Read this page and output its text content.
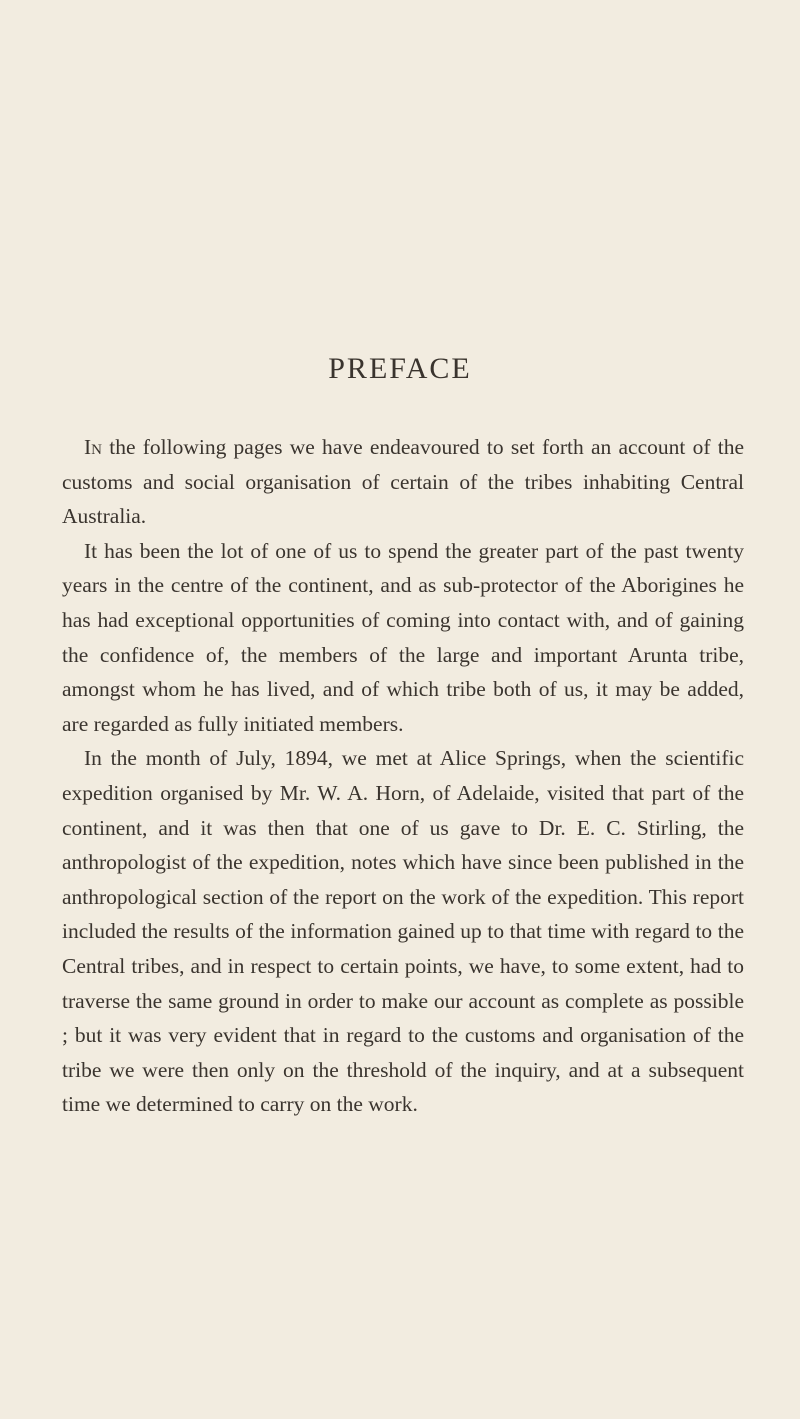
PREFACE

In the following pages we have endeavoured to set forth an account of the customs and social organisation of certain of the tribes inhabiting Central Australia.

It has been the lot of one of us to spend the greater part of the past twenty years in the centre of the continent, and as sub-protector of the Aborigines he has had exceptional opportunities of coming into contact with, and of gaining the confidence of, the members of the large and important Arunta tribe, amongst whom he has lived, and of which tribe both of us, it may be added, are regarded as fully initiated members.

In the month of July, 1894, we met at Alice Springs, when the scientific expedition organised by Mr. W. A. Horn, of Adelaide, visited that part of the continent, and it was then that one of us gave to Dr. E. C. Stirling, the anthropologist of the expedition, notes which have since been published in the anthropological section of the report on the work of the expedition. This report included the results of the information gained up to that time with regard to the Central tribes, and in respect to certain points, we have, to some extent, had to traverse the same ground in order to make our account as complete as possible ; but it was very evident that in regard to the customs and organisation of the tribe we were then only on the threshold of the inquiry, and at a subsequent time we determined to carry on the work.
